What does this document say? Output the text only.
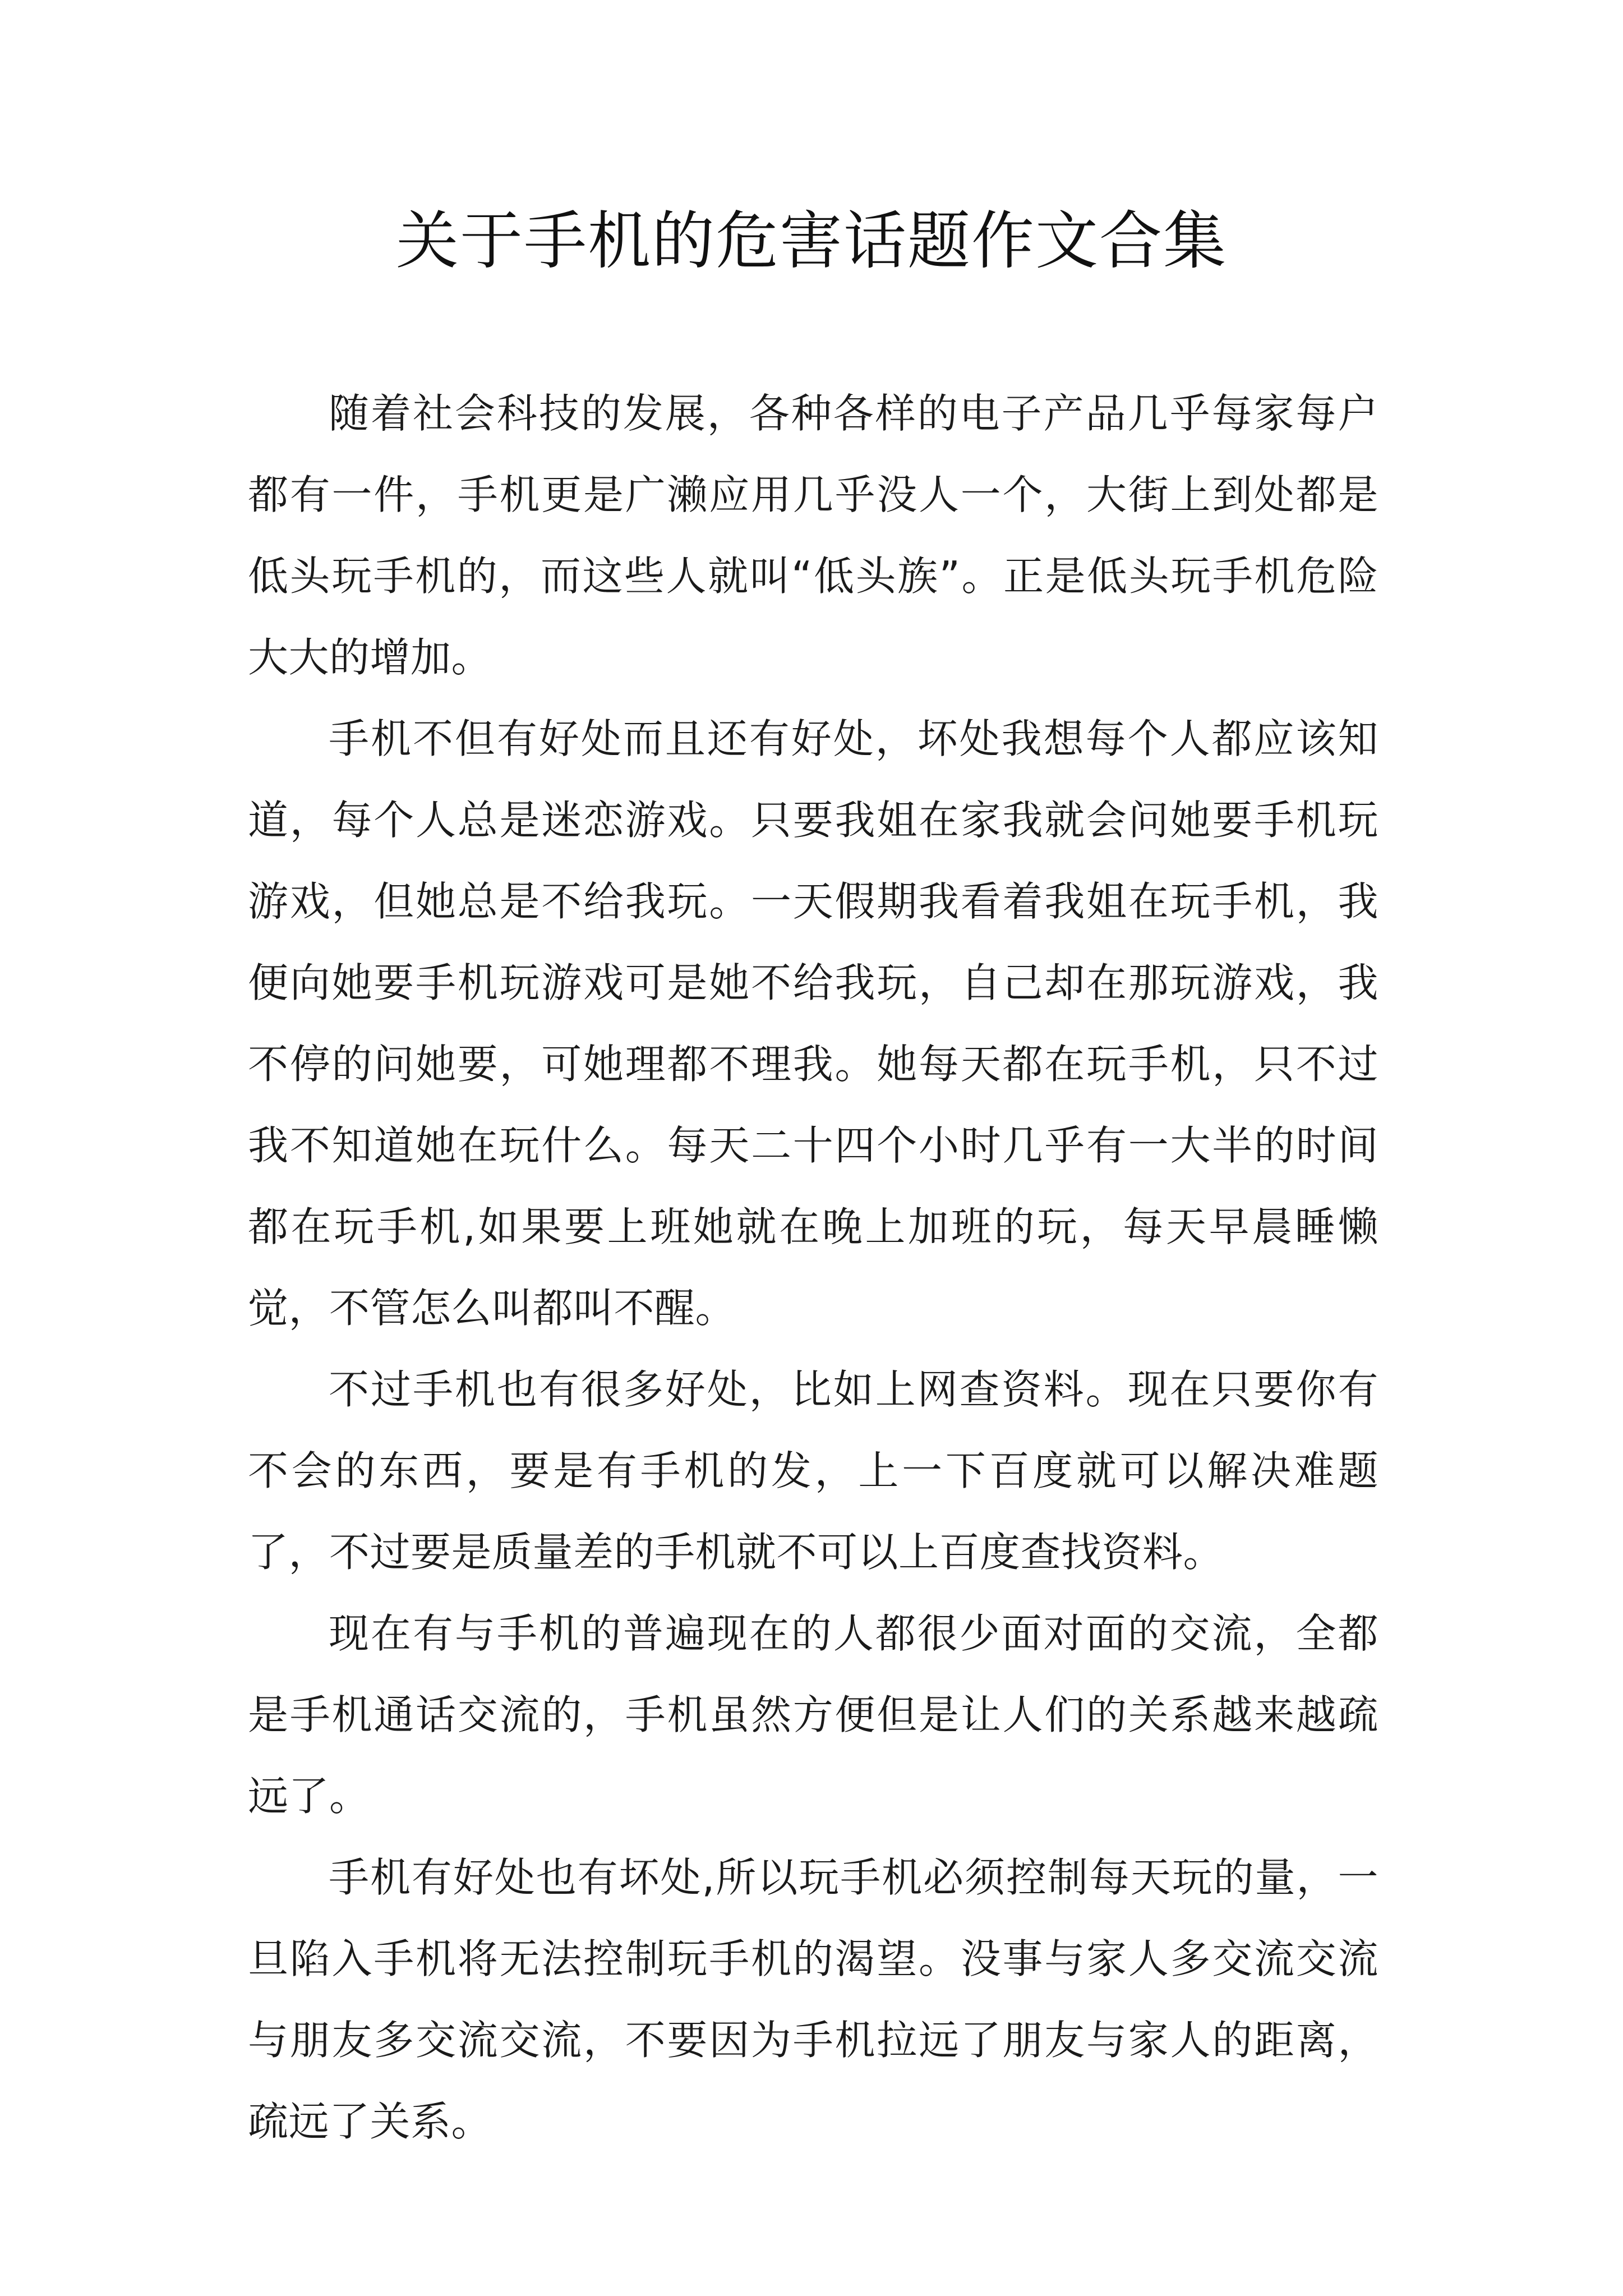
关于手机的危害话题作文合集

随着社会科技的发展，各种各样的电子产品几乎每家每户都有一件，手机更是广濑应用几乎没人一个，大街上到处都是低头玩手机的，而这些人就叫“低头族”。正是低头玩手机危险大大的增加。

手机不但有好处而且还有好处，坏处我想每个人都应该知道，每个人总是迷恋游戏。只要我姐在家我就会问她要手机玩游戏，但她总是不给我玩。一天假期我看着我姐在玩手机，我便向她要手机玩游戏可是她不给我玩，自己却在那玩游戏，我不停的问她要，可她理都不理我。她每天都在玩手机，只不过我不知道她在玩什么。每天二十四个小时几乎有一大半的时间都在玩手机,如果要上班她就在晚上加班的玩，每天早晨睡懒觉，不管怎么叫都叫不醒。

不过手机也有很多好处，比如上网查资料。现在只要你有不会的东西，要是有手机的发，上一下百度就可以解决难题了，不过要是质量差的手机就不可以上百度查找资料。

现在有与手机的普遍现在的人都很少面对面的交流，全都是手机通话交流的，手机虽然方便但是让人们的关系越来越疏远了。

手机有好处也有坏处,所以玩手机必须控制每天玩的量，一旦陷入手机将无法控制玩手机的渴望。没事与家人多交流交流与朋友多交流交流，不要因为手机拉远了朋友与家人的距离，疏远了关系。
